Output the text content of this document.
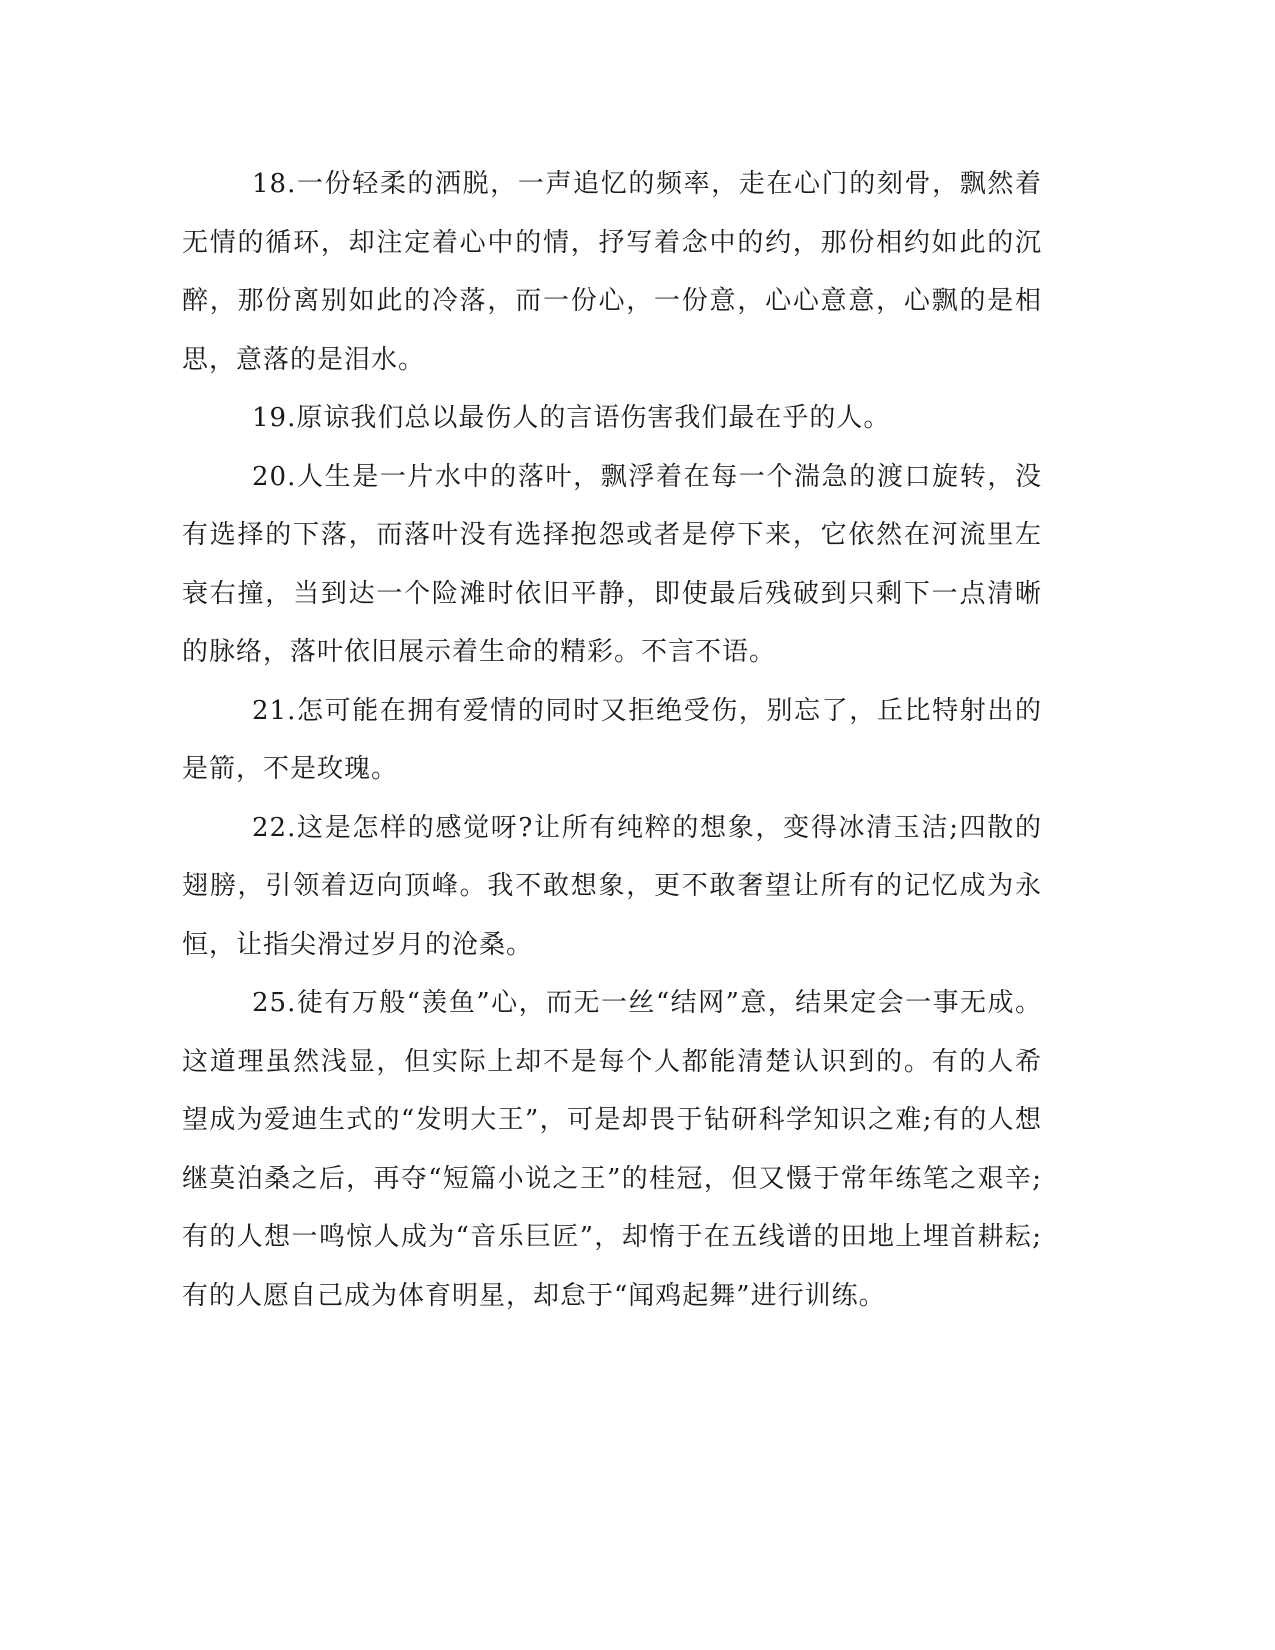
18.一份轻柔的洒脱，一声追忆的频率，走在心门的刻骨，飘然着无情的循环，却注定着心中的情，抒写着念中的约，那份相约如此的沉醉，那份离别如此的冷落，而一份心，一份意，心心意意，心飘的是相思，意落的是泪水。

19.原谅我们总以最伤人的言语伤害我们最在乎的人。

20.人生是一片水中的落叶，飘浮着在每一个湍急的渡口旋转，没有选择的下落，而落叶没有选择抱怨或者是停下来，它依然在河流里左衰右撞，当到达一个险滩时依旧平静，即使最后残破到只剩下一点清晰的脉络，落叶依旧展示着生命的精彩。不言不语。

21.怎可能在拥有爱情的同时又拒绝受伤，别忘了，丘比特射出的是箭，不是玫瑰。

22.这是怎样的感觉呀?让所有纯粹的想象，变得冰清玉洁;四散的翅膀，引领着迈向顶峰。我不敢想象，更不敢奢望让所有的记忆成为永恒，让指尖滑过岁月的沧桑。

25.徒有万般“羡鱼”心，而无一丝“结网”意，结果定会一事无成。这道理虽然浅显，但实际上却不是每个人都能清楚认识到的。有的人希望成为爱迪生式的“发明大王”，可是却畏于钻研科学知识之难;有的人想继莫泊桑之后，再夺“短篇小说之王”的桂冠，但又慑于常年练笔之艰辛;有的人想一鸣惊人成为“音乐巨匠”，却惰于在五线谱的田地上埋首耕耘;有的人愿自己成为体育明星，却怠于“闻鸡起舞”进行训练。
